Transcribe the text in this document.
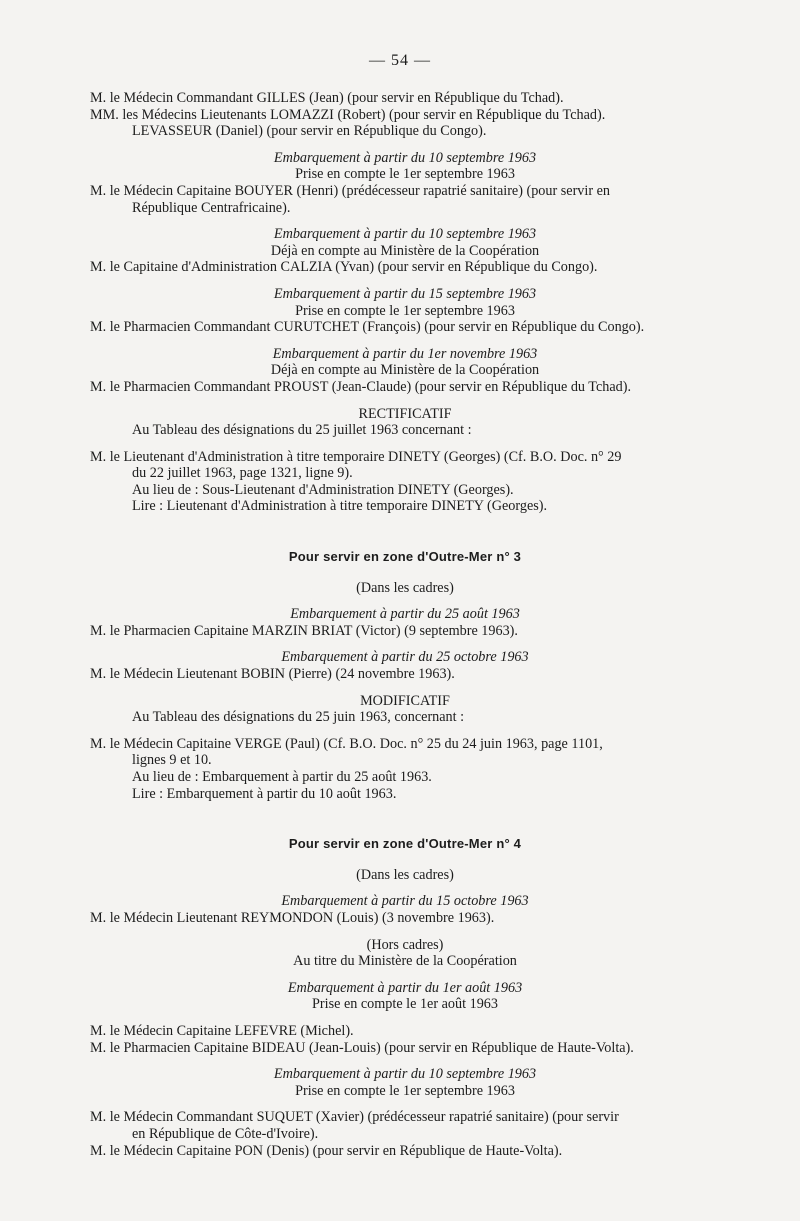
— 54 —
M. le Médecin Commandant GILLES (Jean) (pour servir en République du Tchad).
MM. les Médecins Lieutenants LOMAZZI (Robert) (pour servir en République du Tchad).
LEVASSEUR (Daniel) (pour servir en République du Congo).
Embarquement à partir du 10 septembre 1963
Prise en compte le 1er septembre 1963
M. le Médecin Capitaine BOUYER (Henri) (prédécesseur rapatrié sanitaire) (pour servir en
République Centrafricaine).
Embarquement à partir du 10 septembre 1963
Déjà en compte au Ministère de la Coopération
M. le Capitaine d'Administration CALZIA (Yvan) (pour servir en République du Congo).
Embarquement à partir du 15 septembre 1963
Prise en compte le 1er septembre 1963
M. le Pharmacien Commandant CURUTCHET (François) (pour servir en République du Congo).
Embarquement à partir du 1er novembre 1963
Déjà en compte au Ministère de la Coopération
M. le Pharmacien Commandant PROUST (Jean-Claude) (pour servir en République du Tchad).
RECTIFICATIF
Au Tableau des désignations du 25 juillet 1963 concernant :
M. le Lieutenant d'Administration à titre temporaire DINETY (Georges) (Cf. B.O. Doc. n° 29
du 22 juillet 1963, page 1321, ligne 9).
Au lieu de : Sous-Lieutenant d'Administration DINETY (Georges).
Lire : Lieutenant d'Administration à titre temporaire DINETY (Georges).
Pour servir en zone d'Outre-Mer n° 3
(Dans les cadres)
Embarquement à partir du 25 août 1963
M. le Pharmacien Capitaine MARZIN BRIAT (Victor) (9 septembre 1963).
Embarquement à partir du 25 octobre 1963
M. le Médecin Lieutenant BOBIN (Pierre) (24 novembre 1963).
MODIFICATIF
Au Tableau des désignations du 25 juin 1963, concernant :
M. le Médecin Capitaine VERGE (Paul) (Cf. B.O. Doc. n° 25 du 24 juin 1963, page 1101,
lignes 9 et 10.
Au lieu de : Embarquement à partir du 25 août 1963.
Lire : Embarquement à partir du 10 août 1963.
Pour servir en zone d'Outre-Mer n° 4
(Dans les cadres)
Embarquement à partir du 15 octobre 1963
M. le Médecin Lieutenant REYMONDON (Louis) (3 novembre 1963).
(Hors cadres)
Au titre du Ministère de la Coopération
Embarquement à partir du 1er août 1963
Prise en compte le 1er août 1963
M. le Médecin Capitaine LEFEVRE (Michel).
M. le Pharmacien Capitaine BIDEAU (Jean-Louis) (pour servir en République de Haute-Volta).
Embarquement à partir du 10 septembre 1963
Prise en compte le 1er septembre 1963
M. le Médecin Commandant SUQUET (Xavier) (prédécesseur rapatrié sanitaire) (pour servir
en République de Côte-d'Ivoire).
M. le Médecin Capitaine PON (Denis) (pour servir en République de Haute-Volta).
